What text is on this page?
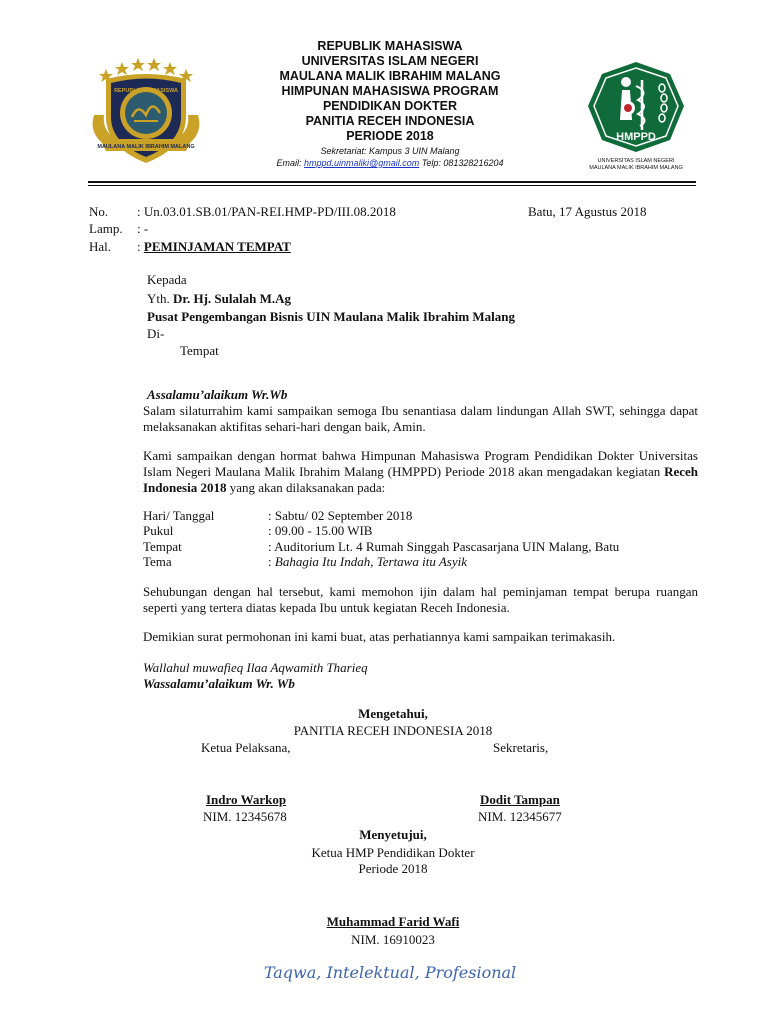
MAULANA MALIK IBRAHIM MALANG
REPUBLIK MAHASISWA
HMPPD
UNIVERSITAS ISLAM NEGERI
MAULANA MALIK IBRAHIM MALANG
REPUBLIK MAHASISWA
UNIVERSITAS ISLAM NEGERI
MAULANA MALIK IBRAHIM MALANG
HIMPUNAN MAHASISWA PROGRAM
PENDIDIKAN DOKTER
PANITIA RECEH INDONESIA
PERIODE 2018
Sekretariat: Kampus 3 UIN Malang
Email: hmppd.uinmaliki@gmail.com Telp: 081328216204
No. : Un.03.01.SB.01/PAN-REI.HMP-PD/III.08.2018	Batu, 17 Agustus 2018
Lamp. : -
Hal. : PEMINJAMAN TEMPAT
Kepada
Yth. Dr. Hj. Sulalah M.Ag
Pusat Pengembangan Bisnis UIN Maulana Malik Ibrahim Malang
Di-
Tempat
Assalamu’alaikum Wr.Wb
Salam silaturrahim kami sampaikan semoga Ibu senantiasa dalam lindungan Allah SWT, sehingga dapat melaksanakan aktifitas sehari-hari dengan baik, Amin.
Kami sampaikan dengan hormat bahwa Himpunan Mahasiswa Program Pendidikan Dokter Universitas Islam Negeri Maulana Malik Ibrahim Malang (HMPPD) Periode 2018 akan mengadakan kegiatan Receh Indonesia 2018 yang akan dilaksanakan pada:
Hari/ Tanggal	: Sabtu/ 02 September 2018
Pukul	: 09.00 - 15.00 WIB
Tempat	: Auditorium Lt. 4 Rumah Singgah Pascasarjana UIN Malang, Batu
Tema	: Bahagia Itu Indah, Tertawa itu Asyik
Sehubungan dengan hal tersebut, kami memohon ijin dalam hal peminjaman tempat berupa ruangan seperti yang tertera diatas kepada Ibu untuk kegiatan Receh Indonesia.
Demikian surat permohonan ini kami buat, atas perhatiannya kami sampaikan terimakasih.
Wallahul muwafieq Ilaa Aqwamith Tharieq
Wassalamu’alaikum Wr. Wb
Mengetahui,
PANITIA RECEH INDONESIA 2018
Ketua Pelaksana,	Sekretaris,
Indro Warkop	Dodit Tampan
NIM. 12345678	NIM. 12345677
Menyetujui,
Ketua HMP Pendidikan Dokter
Periode 2018
Muhammad Farid Wafi
NIM. 16910023
Taqwa, Intelektual, Profesional
